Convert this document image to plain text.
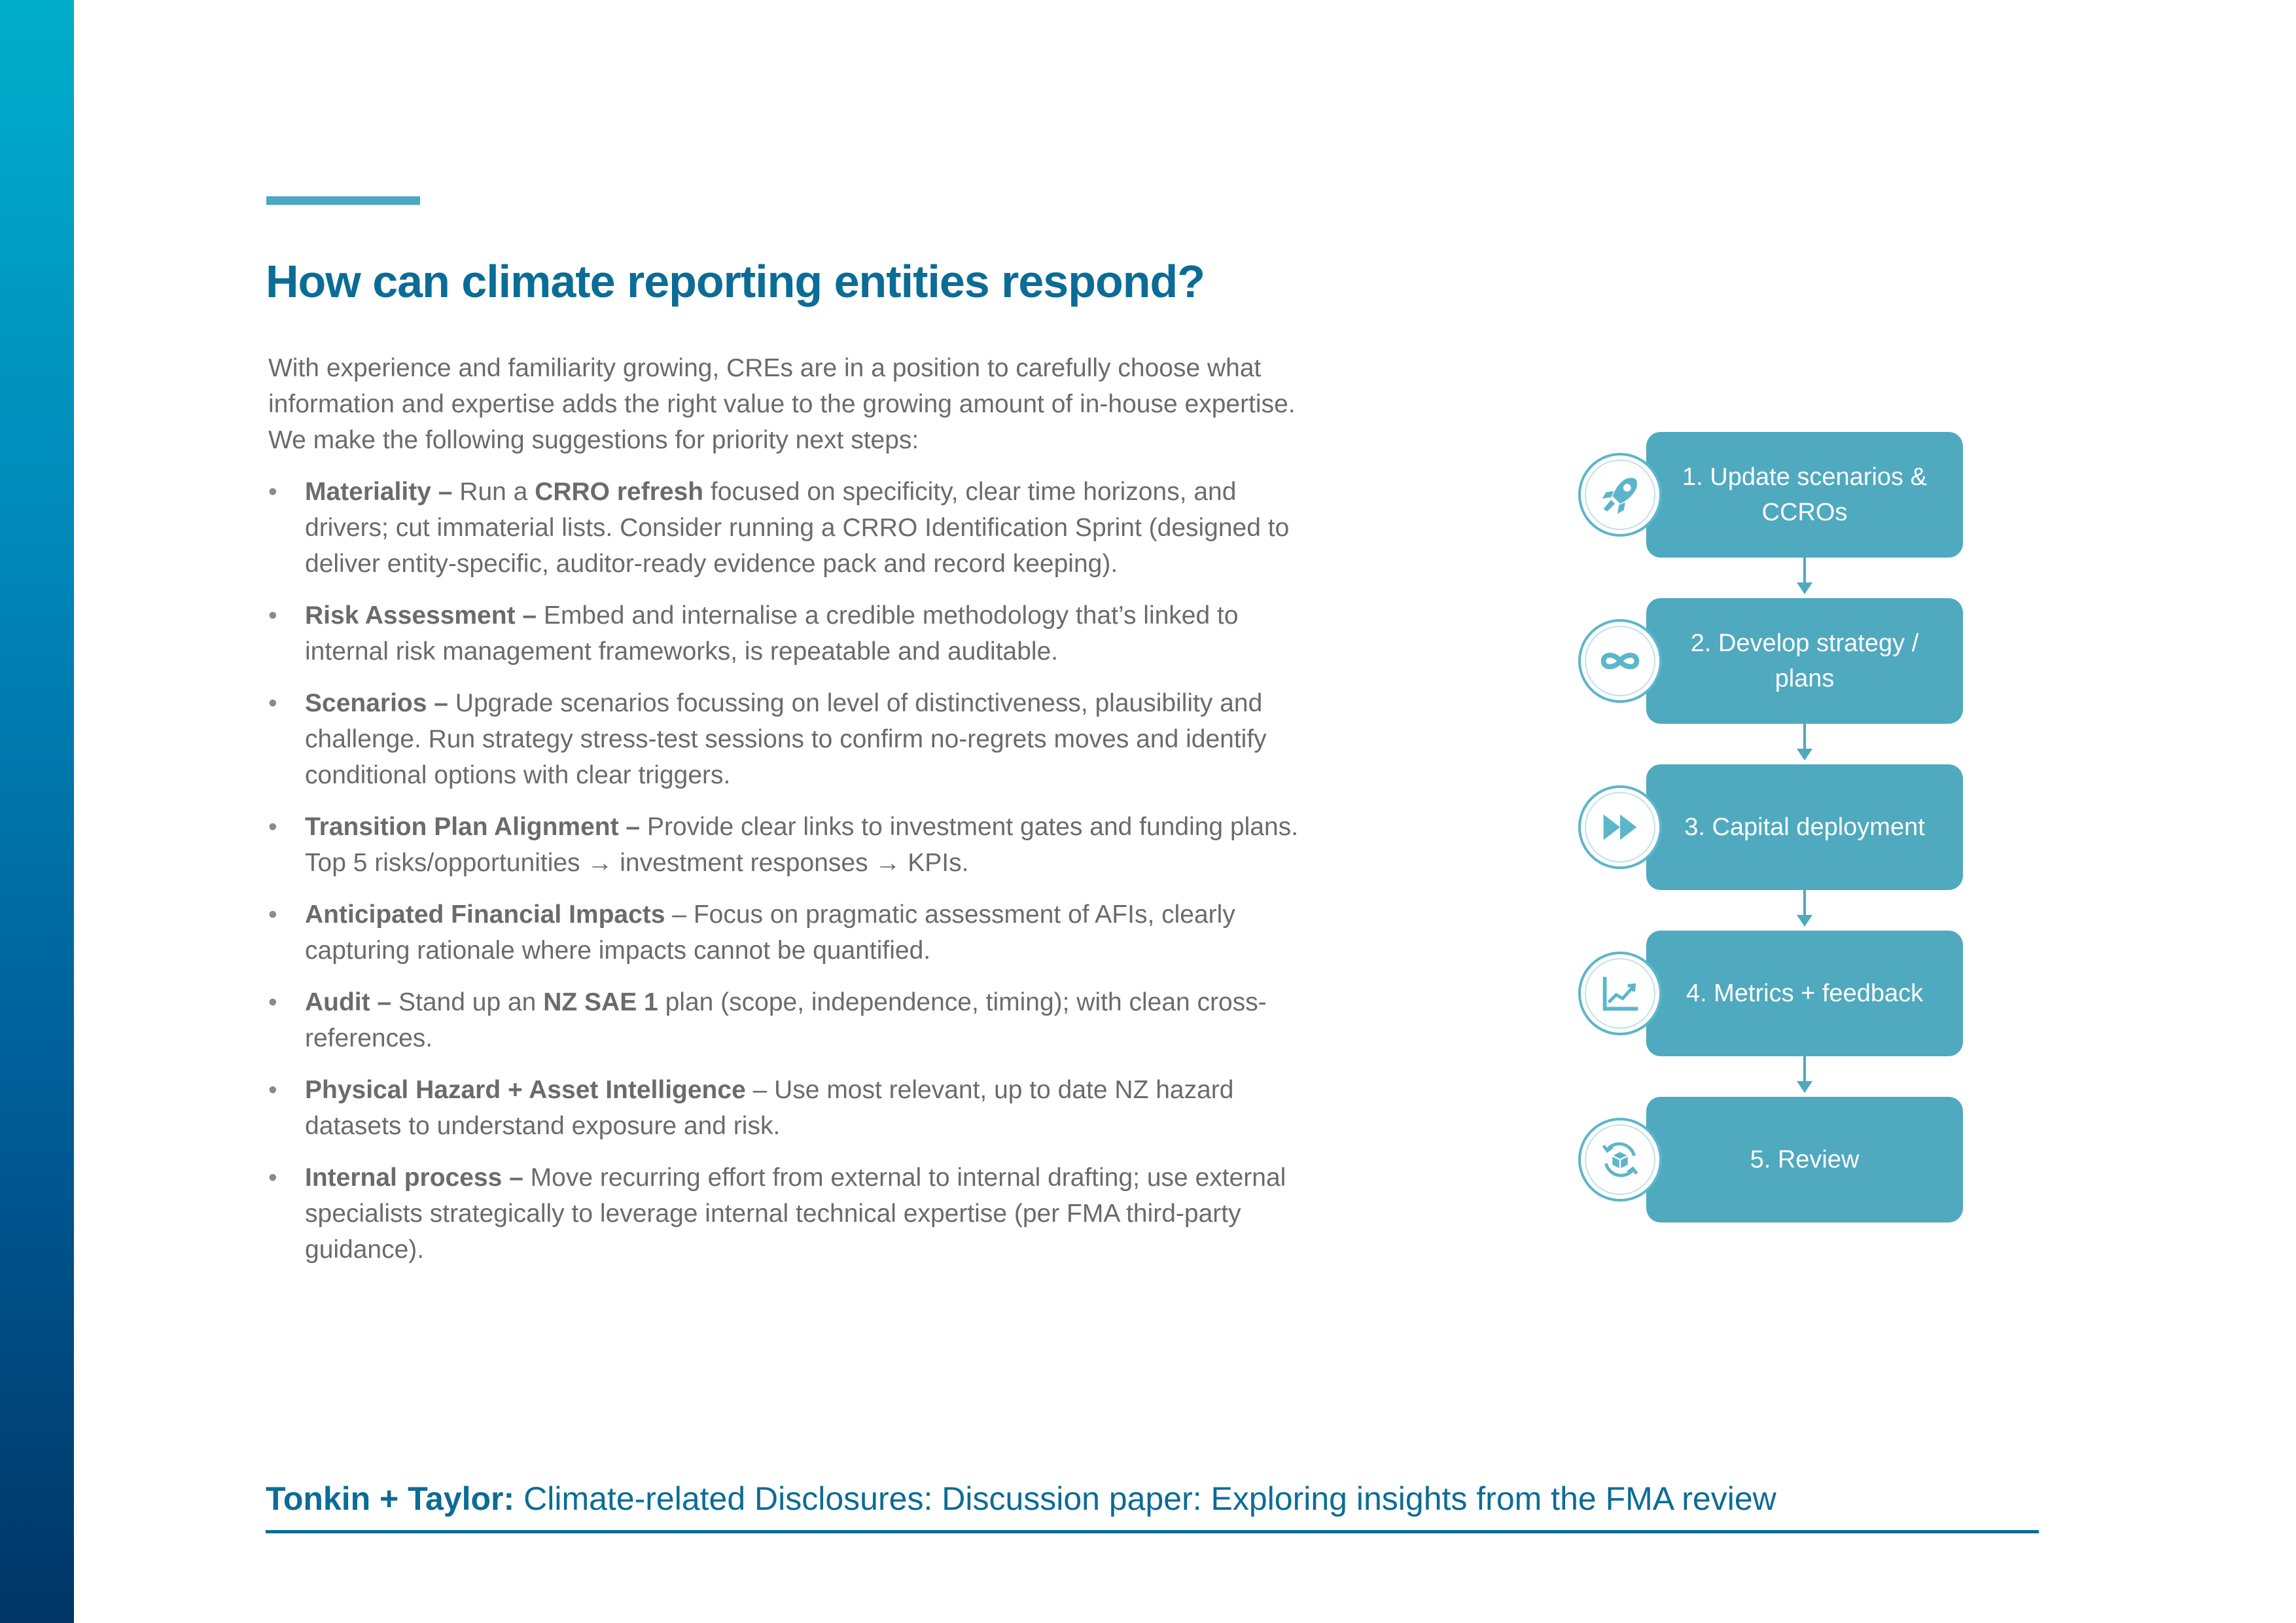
How can climate reporting entities respond?

With experience and familiarity growing, CREs are in a position to carefully choose what information and expertise adds the right value to the growing amount of in-house expertise. We make the following suggestions for priority next steps:

• Materiality – Run a CRRO refresh focused on specificity, clear time horizons, and drivers; cut immaterial lists. Consider running a CRRO Identification Sprint (designed to deliver entity-specific, auditor-ready evidence pack and record keeping).
• Risk Assessment – Embed and internalise a credible methodology that’s linked to internal risk management frameworks, is repeatable and auditable.
• Scenarios – Upgrade scenarios focussing on level of distinctiveness, plausibility and challenge. Run strategy stress-test sessions to confirm no-regrets moves and identify conditional options with clear triggers.
• Transition Plan Alignment – Provide clear links to investment gates and funding plans. Top 5 risks/opportunities → investment responses → KPIs.
• Anticipated Financial Impacts – Focus on pragmatic assessment of AFIs, clearly capturing rationale where impacts cannot be quantified.
• Audit – Stand up an NZ SAE 1 plan (scope, independence, timing); with clean cross-references.
• Physical Hazard + Asset Intelligence – Use most relevant, up to date NZ hazard datasets to understand exposure and risk.
• Internal process – Move recurring effort from external to internal drafting; use external specialists strategically to leverage internal technical expertise (per FMA third-party guidance).
1. Update scenarios & CCROs
2. Develop strategy / plans
3. Capital deployment
4. Metrics + feedback
5. Review
Tonkin + Taylor: Climate-related Disclosures: Discussion paper: Exploring insights from the FMA review
